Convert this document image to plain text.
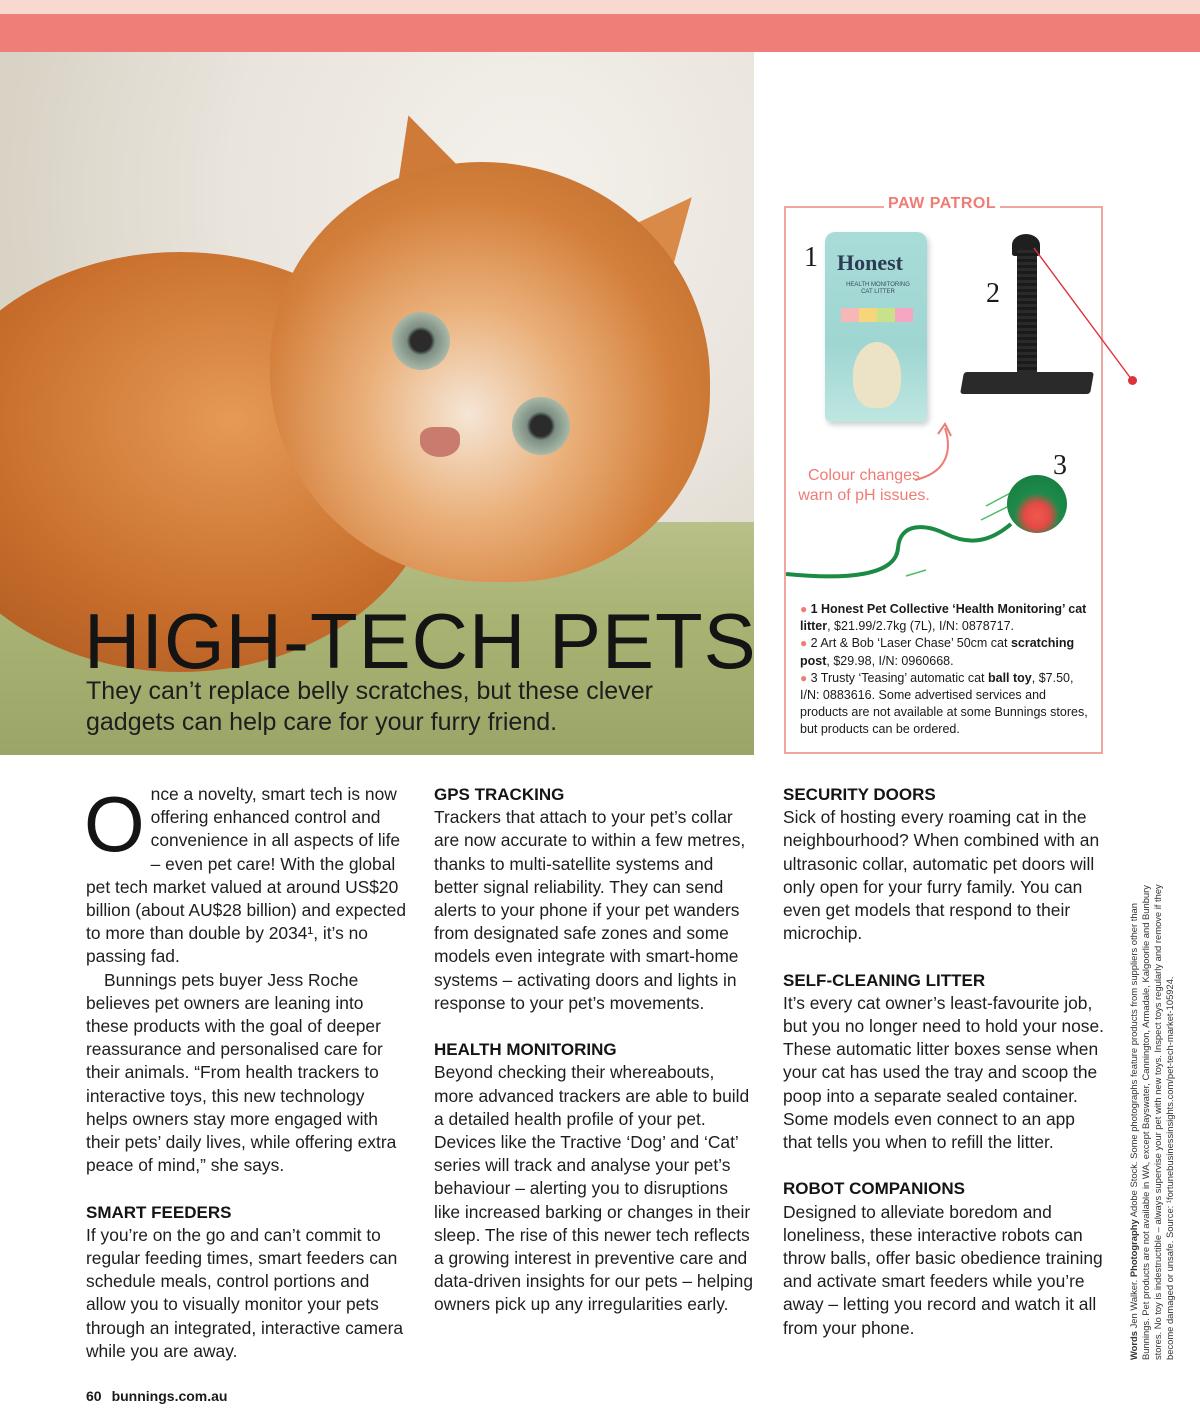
HIGH-TECH PETS

They can’t replace belly scratches, but these clever gadgets can help care for your furry friend.

PAW PATROL
1 Honest
HEALTH MONITORING CAT LITTER	2
Colour changes warn of pH issues.
3

● 1 Honest Pet Collective ‘Health Monitoring’ cat litter, $21.99/2.7kg (7L), I/N: 0878717.

● 2 Art & Bob ‘Laser Chase’ 50cm cat scratching post, $29.98, I/N: 0960668.

● 3 Trusty ‘Teasing’ automatic cat ball toy, $7.50, I/N: 0883616. Some advertised services and products are not available at some Bunnings stores, but products can be ordered.

Once a novelty, smart tech is now offering enhanced control and convenience in all aspects of life – even pet care! With the global pet tech market valued at around US$20 billion (about AU$28 billion) and expected to more than double by 2034¹, it’s no passing fad.

Bunnings pets buyer Jess Roche believes pet owners are leaning into these products with the goal of deeper reassurance and personalised care for their animals. “From health trackers to interactive toys, this new technology helps owners stay more engaged with their pets’ daily lives, while offering extra peace of mind,” she says.

SMART FEEDERS

If you’re on the go and can’t commit to regular feeding times, smart feeders can schedule meals, control portions and allow you to visually monitor your pets through an integrated, interactive camera while you are away.

GPS TRACKING

Trackers that attach to your pet’s collar are now accurate to within a few metres, thanks to multi-satellite systems and better signal reliability. They can send alerts to your phone if your pet wanders from designated safe zones and some models even integrate with smart-home systems – activating doors and lights in response to your pet’s movements.

HEALTH MONITORING

Beyond checking their whereabouts, more advanced trackers are able to build a detailed health profile of your pet. Devices like the Tractive ‘Dog’ and ‘Cat’ series will track and analyse your pet’s behaviour – alerting you to disruptions like increased barking or changes in their sleep. The rise of this newer tech reflects a growing interest in preventive care and data-driven insights for our pets – helping owners pick up any irregularities early.

SECURITY DOORS

Sick of hosting every roaming cat in the neighbourhood? When combined with an ultrasonic collar, automatic pet doors will only open for your furry family. You can even get models that respond to their microchip.

SELF-CLEANING LITTER

It’s every cat owner’s least-favourite job, but you no longer need to hold your nose. These automatic litter boxes sense when your cat has used the tray and scoop the poop into a separate sealed container. Some models even connect to an app that tells you when to refill the litter.

ROBOT COMPANIONS

Designed to alleviate boredom and loneliness, these interactive robots can throw balls, offer basic obedience training and activate smart feeders while you’re away – letting you record and watch it all from your phone.

Words Jen Walker. Photography Adobe Stock. Some photographs feature products from suppliers other than Bunnings. Pet products are not available in WA, except Bayswater, Cannington, Armadale, Kalgoorlie and Bunbury stores. No toy is indestructible – always supervise your pet with new toys. Inspect toys regularly and remove if they become damaged or unsafe. Source: ¹fortunebusinessinsights.com/pet-tech-market-105924.
60 bunnings.com.au
